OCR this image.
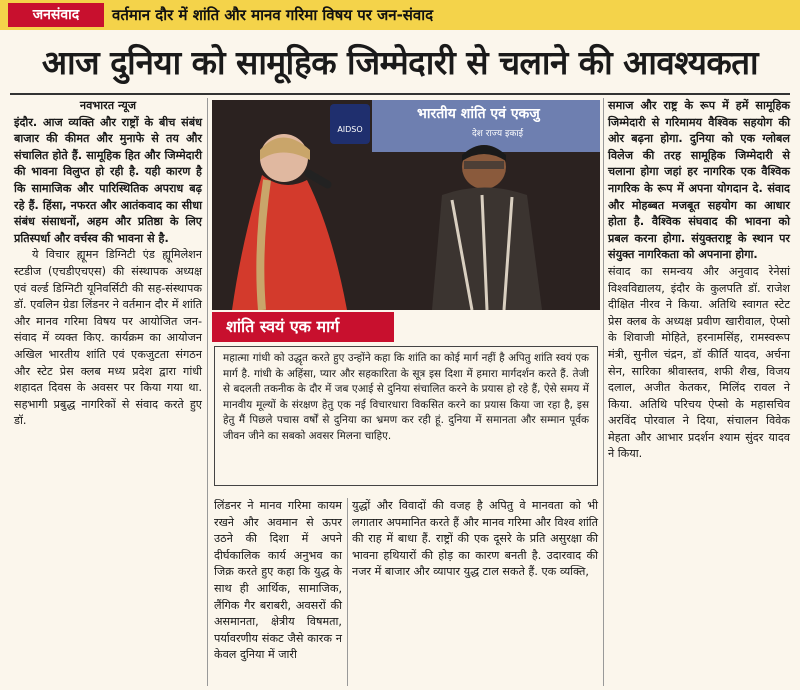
जनसंवाद	वर्तमान दौर में शांति और मानव गरिमा विषय पर जन-संवाद
आज दुनिया को सामूहिक जिम्मेदारी से चलाने की आवश्यकता

नवभारत न्यूज

इंदौर. आज व्यक्ति और राष्ट्रों के बीच संबंध बाजार की कीमत और मुनाफे से तय और संचालित होते हैं. सामूहिक हित और जिम्मेदारी की भावना विलुप्त हो रही है. यही कारण है कि सामाजिक और पारिस्थितिक अपराध बढ़ रहे हैं. हिंसा, नफरत और आतंकवाद का सीधा संबंध संसाधनों, अहम और प्रतिष्ठा के लिए प्रतिस्पर्धा और वर्चस्व की भावना से है.

ये विचार ह्यूमन डिग्निटी एंड ह्यूमिलेशन स्टडीज (एचडीएचएस) की संस्थापक अध्यक्ष एवं वर्ल्ड डिग्निटी यूनिवर्सिटी की सह-संस्थापक डॉ. एवलिन ग्रेडा लिंडनर ने वर्तमान दौर में शांति और मानव गरिमा विषय पर आयोजित जन-संवाद में व्यक्त किए. कार्यक्रम का आयोजन अखिल भारतीय शांति एवं एकजुटता संगठन और स्टेट प्रेस क्लब मध्य प्रदेश द्वारा गांधी शहादत दिवस के अवसर पर किया गया था. सहभागी प्रबुद्ध नागरिकों से संवाद करते हुए डॉ.

AIDSO
भारतीय शांति एवं एकजु
देश राज्य इकाई
शांति स्वयं एक मार्ग
महात्मा गांधी को उद्धृत करते हुए उन्होंने कहा कि शांति का कोई मार्ग नहीं है अपितु शांति स्वयं एक मार्ग है. गांधी के अहिंसा, प्यार और सहकारिता के सूत्र इस दिशा में हमारा मार्गदर्शन करते हैं. तेजी से बदलती तकनीक के दौर में जब एआई से दुनिया संचालित करने के प्रयास हो रहे हैं, ऐसे समय में मानवीय मूल्यों के संरक्षण हेतु एक नई विचारधारा विकसित करने का प्रयास किया जा रहा है, इस हेतु मैं पिछले पचास वर्षों से दुनिया का भ्रमण कर रही हूं. दुनिया में समानता और सम्मान पूर्वक जीवन जीने का सबको अवसर मिलना चाहिए.

लिंडनर ने मानव गरिमा कायम रखने और अवमान से ऊपर उठने की दिशा में अपने दीर्घकालिक कार्य अनुभव का जिक्र करते हुए कहा कि युद्ध के साथ ही आर्थिक, सामाजिक, लैंगिक गैर बराबरी, अवसरों की असमानता, क्षेत्रीय विषमता, पर्यावरणीय संकट जैसे कारक न केवल दुनिया में जारी

युद्धों और विवादों की वजह है अपितु वे मानवता को भी लगातार अपमानित करते हैं और मानव गरिमा और विश्व शांति की राह में बाधा हैं. राष्ट्रों की एक दूसरे के प्रति असुरक्षा की भावना हथियारों की होड़ का कारण बनती है. उदारवाद की नजर में बाजार और व्यापार युद्ध टाल सकते हैं. एक व्यक्ति,

समाज और राष्ट्र के रूप में हमें सामूहिक जिम्मेदारी से गरिमामय वैश्विक सहयोग की ओर बढ़ना होगा. दुनिया को एक ग्लोबल विलेज की तरह सामूहिक जिम्मेदारी से चलाना होगा जहां हर नागरिक एक वैश्विक नागरिक के रूप में अपना योगदान दे. संवाद और मोहब्बत मजबूत सहयोग का आधार होता है. वैश्विक संघवाद की भावना को प्रबल करना होगा. संयुक्तराष्ट्र के स्थान पर संयुक्त नागरिकता को अपनाना होगा.

संवाद का समन्वय और अनुवाद रेनेसां विश्वविद्यालय, इंदौर के कुलपति डॉ. राजेश दीक्षित नीरव ने किया. अतिथि स्वागत स्टेट प्रेस क्लब के अध्यक्ष प्रवीण खारीवाल, ऐप्सो के शिवाजी मोहिते, हरनामसिंह, रामस्वरूप मंत्री, सुनील चंद्रन, डॉ कीर्ति यादव, अर्चना सेन, सारिका श्रीवास्तव, शफी शैख, विजय दलाल, अजीत केतकर, मिलिंद रावल ने किया. अतिथि परिचय ऐप्सो के महासचिव अरविंद पोरवाल ने दिया, संचालन विवेक मेहता और आभार प्रदर्शन श्याम सुंदर यादव ने किया.
